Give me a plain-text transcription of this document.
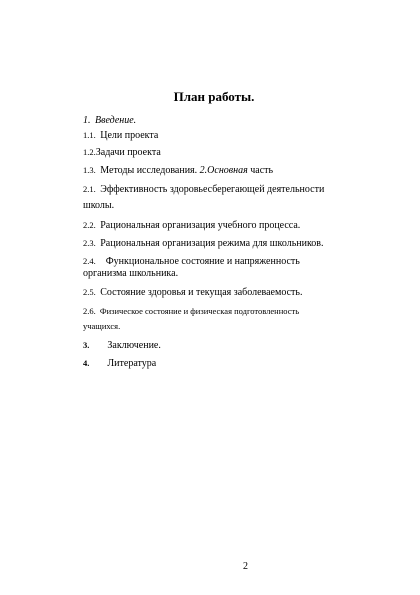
План работы.
1. Введение.
1.1. Цели проекта
1.2.Задачи проекта
1.3. Методы исследования. 2.Основная часть
2.1. Эффективность здоровьесберегающей деятельности
школы.
2.2. Рациональная организация учебного процесса.
2.3. Рациональная организация режима для школьников.
2.4. Функциональное состояние и напряженность
организма школьника.
2.5. Состояние здоровья и текущая заболеваемость.
2.6. Физическое состояние и физическая подготовленность
учащихся.
3. Заключение.
4. Литература
2
